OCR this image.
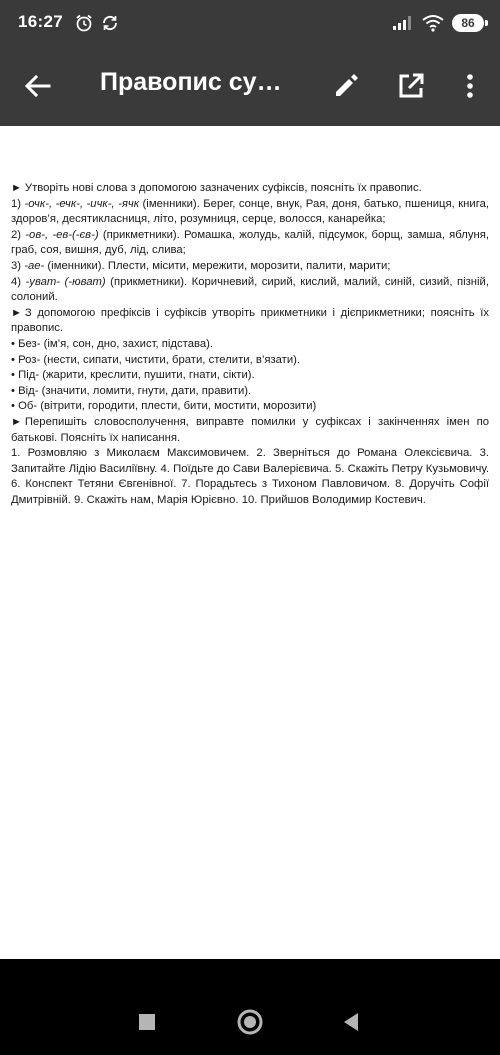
16:27	86
Правопис су…

► Утворіть нові слова з допомогою зазначених суфіксів, поясніть їх правопис.

1) -очк-, -ечк-, -ичк-, -ячк (іменники). Берег, сонце, внук, Рая, доня, батько, пшениця, книга, здоров’я, десятикласниця, літо, розумниця, серце, волосся, канарейка;

2) -ов-, -ев-(-єв-) (прикметники). Ромашка, жолудь, калій, підсумок, борщ, замша, яблуня, граб, соя, вишня, дуб, лід, слива;

3) -ае- (іменники). Плести, місити, мережити, морозити, палити, марити;

4) -уват- (-юват) (прикметники). Коричневий, сирий, кислий, малий, синій, сизий, пізній, солоний.

► З допомогою префіксів і суфіксів утворіть прикметники і дієприкметники; поясніть їх правопис.

• Без- (ім’я, сон, дно, захист, підстава).

• Роз- (нести, сипати, чистити, брати, стелити, в’язати).

• Під- (жарити, креслити, пушити, гнати, сікти).

• Від- (значити, ломити, гнути, дати, правити).

• Об- (вітрити, городити, плести, бити, мостити, морозити)

► Перепишіть словосполучення, виправте помилки у суфіксах і закінченнях імен по батькові. Поясніть їх написання.

1. Розмовляю з Миколаєм Максимовичем. 2. Зверніться до Романа Олексієвича. 3. Запитайте Лідію Василіївну. 4. Поїдьте до Сави Валерієвича. 5. Скажіть Петру Кузьмовичу. 6. Конспект Тетяни Євгенівної. 7. Порадьтесь з Тихоном Павловичом. 8. Доручіть Софії Дмитрівній. 9. Скажіть нам, Марія Юрієвно. 10. Прийшов Володимир Костевич.
